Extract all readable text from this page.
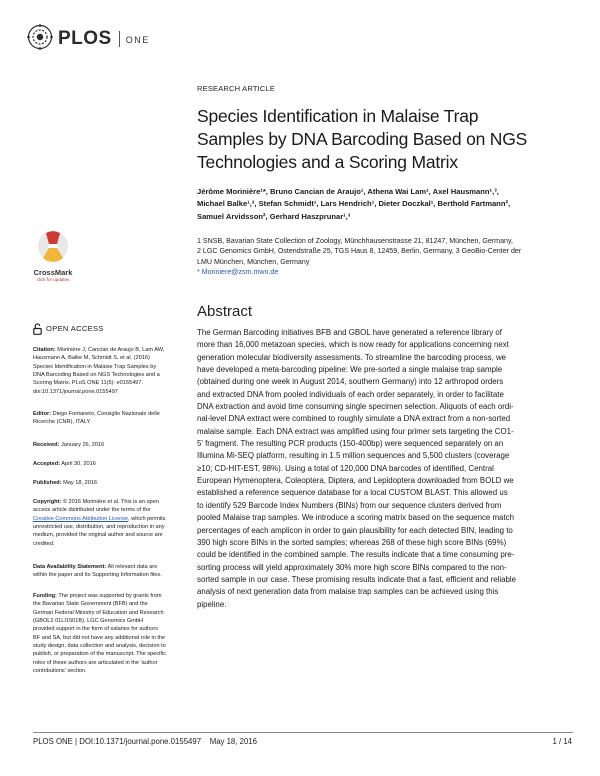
PLOS ONE
RESEARCH ARTICLE
Species Identification in Malaise Trap
Samples by DNA Barcoding Based on NGS
Technologies and a Scoring Matrix
Jérôme Morinière¹*, Bruno Cancian de Araujo¹, Athena Wai Lam¹, Axel Hausmann¹,³,
Michael Balke¹,³, Stefan Schmidt¹, Lars Hendrich¹, Dieter Doczkal¹, Berthold Fartmann²,
Samuel Arvidsson², Gerhard Haszprunar¹,³
1 SNSB, Bavarian State Collection of Zoology, Münchhausenstrasse 21, 81247, München, Germany,
2 LGC Genomics GmbH, Ostendstraße 25, TGS Haus 8, 12459, Berlin, Germany, 3 GeoBio-Center der
LMU München, München, Germany
* Moriniere@zsm.mwn.de
Abstract
The German Barcoding initiatives BFB and GBOL have generated a reference library of
more than 16,000 metazoan species, which is now ready for applications concerning next
generation molecular biodiversity assessments. To streamline the barcoding process, we
have developed a meta-barcoding pipeline: We pre-sorted a single malaise trap sample
(obtained during one week in August 2014, southern Germany) into 12 arthropod orders
and extracted DNA from pooled individuals of each order separately, in order to facilitate
DNA extraction and avoid time consuming single specimen selection. Aliquots of each ordi-
nal-level DNA extract were combined to roughly simulate a DNA extract from a non-sorted
malaise sample. Each DNA extract was amplified using four primer sets targeting the CO1-
5' fragment. The resulting PCR products (150-400bp) were sequenced separately on an
Illumina Mi-SEQ platform, resulting in 1.5 million sequences and 5,500 clusters (coverage
≥10; CD-HIT-EST, 98%). Using a total of 120,000 DNA barcodes of identified, Central
European Hymenoptera, Coleoptera, Diptera, and Lepidoptera downloaded from BOLD we
established a reference sequence database for a local CUSTOM BLAST. This allowed us
to identify 529 Barcode Index Numbers (BINs) from our sequence clusters derived from
pooled Malaise trap samples. We introduce a scoring matrix based on the sequence match
percentages of each amplicon in order to gain plausibility for each detected BIN, leading to
390 high score BINs in the sorted samples; whereas 268 of these high score BINs (69%)
could be identified in the combined sample. The results indicate that a time consuming pre-
sorting process will yield approximately 30% more high score BINs compared to the non-
sorted sample in our case. These promising results indicate that a fast, efficient and reliable
analysis of next generation data from malaise trap samples can be achieved using this
pipeline.
CrossMark
click for updates
OPEN ACCESS
Citation: Morinière J, Cancian de Araujo B, Lam AW,
Hausmann A, Balke M, Schmidt S, et al. (2016)
Species Identification in Malaise Trap Samples by
DNA Barcoding Based on NGS Technologies and a
Scoring Matrix. PLoS ONE 11(5): e0155497.
doi:10.1371/journal.pone.0155497
Editor: Diego Fontaneto, Consiglio Nazionale delle
Ricerche (CNR), ITALY
Received: January 26, 2016
Accepted: April 30, 2016
Published: May 18, 2016
Copyright: © 2016 Morinière et al. This is an open
access article distributed under the terms of the
Creative Commons Attribution License, which permits
unrestricted use, distribution, and reproduction in any
medium, provided the original author and source are
credited.
Data Availability Statement: All relevant data are
within the paper and its Supporting Information files.
Funding: The project was supported by grants from
the Bavarian State Government (BFB) and the
German Federal Ministry of Education and Research
(GBOL2 01LI1501B). LGC Genomics GmbH
provided support in the form of salaries for authors
BF and SA, but did not have any additional role in the
study design, data collection and analysis, decision to
publish, or preparation of the manuscript. The specific
roles of these authors are articulated in the 'author
contributions' section.
PLOS ONE | DOI:10.1371/journal.pone.0155497    May 18, 2016	1 / 14
